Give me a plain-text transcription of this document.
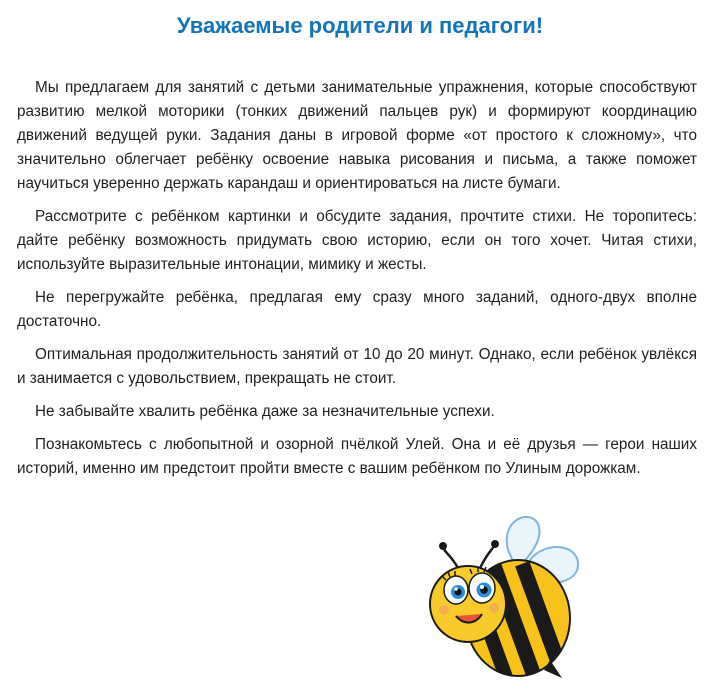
Уважаемые родители и педагоги!

Мы предлагаем для занятий с детьми занимательные упражнения, которые способствуют развитию мелкой моторики (тонких движений пальцев рук) и формируют координацию движений ведущей руки. Задания даны в игровой форме «от простого к сложному», что значительно облегчает ребёнку освоение навыка рисования и письма, а также поможет научиться уверенно держать карандаш и ориентироваться на листе бумаги.

Рассмотрите с ребёнком картинки и обсудите задания, прочтите стихи. Не торопитесь: дайте ребёнку возможность придумать свою историю, если он того хочет. Читая стихи, используйте выразительные интонации, мимику и жесты.

Не перегружайте ребёнка, предлагая ему сразу много заданий, одного-двух вполне достаточно.

Оптимальная продолжительность занятий от 10 до 20 минут. Однако, если ребёнок увлёкся и занимается с удовольствием, прекращать не стоит.

Не забывайте хвалить ребёнка даже за незначительные успехи.

Познакомьтесь с любопытной и озорной пчёлкой Улей. Она и её друзья — герои наших историй, именно им предстоит пройти вместе с вашим ребёнком по Улиным дорожкам.
